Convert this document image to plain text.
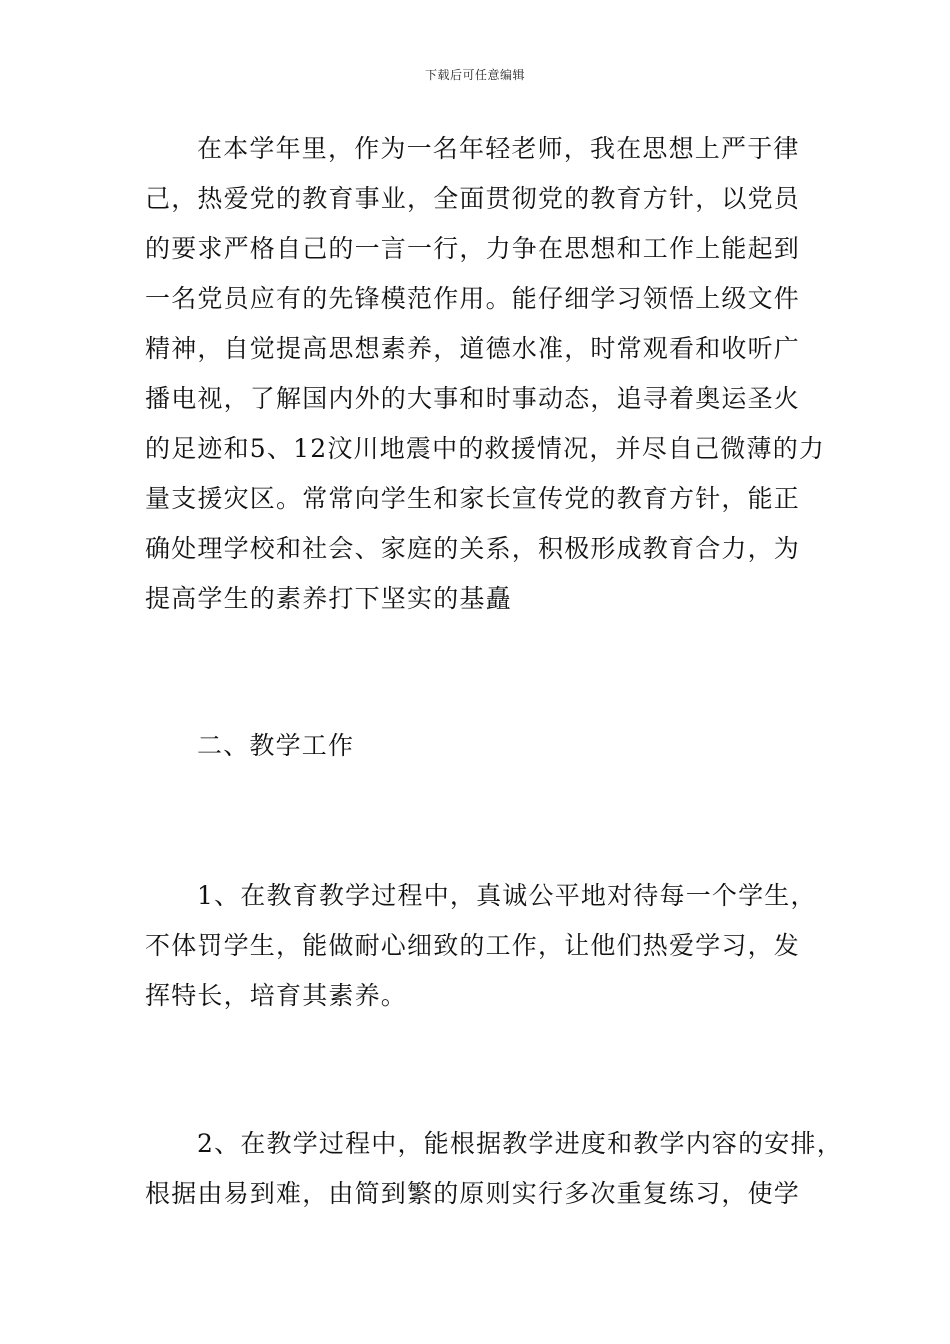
下载后可任意编辑
在本学年里，作为一名年轻老师，我在思想上严于律
己，热爱党的教育事业，全面贯彻党的教育方针，以党员
的要求严格自己的一言一行，力争在思想和工作上能起到
一名党员应有的先锋模范作用。能仔细学习领悟上级文件
精神，自觉提高思想素养，道德水准，时常观看和收听广
播电视，了解国内外的大事和时事动态，追寻着奥运圣火
的足迹和5、12汶川地震中的救援情况，并尽自己微薄的力
量支援灾区。常常向学生和家长宣传党的教育方针，能正
确处理学校和社会、家庭的关系，积极形成教育合力，为
提高学生的素养打下坚实的基矗
二、教学工作
1、在教育教学过程中，真诚公平地对待每一个学生，
不体罚学生，能做耐心细致的工作，让他们热爱学习，发
挥特长，培育其素养。
2、在教学过程中，能根据教学进度和教学内容的安排，
根据由易到难，由简到繁的原则实行多次重复练习，使学
